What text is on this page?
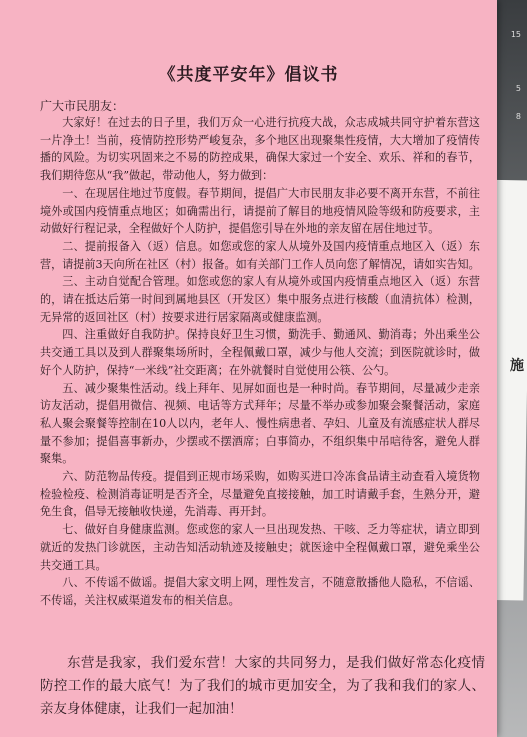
15
5
8
施
《共度平安年》倡议书
广大市民朋友：

大家好！在过去的日子里，我们万众一心进行抗疫大战，众志成城共同守护着东营这一片净土！当前，疫情防控形势严峻复杂，多个地区出现聚集性疫情，大大增加了疫情传播的风险。为切实巩固来之不易的防控成果，确保大家过一个安全、欢乐、祥和的春节，我们期待您从“我”做起，带动他人，努力做到：

一、在现居住地过节度假。春节期间，提倡广大市民朋友非必要不离开东营，不前往境外或国内疫情重点地区；如确需出行，请提前了解目的地疫情风险等级和防疫要求，主动做好行程记录，全程做好个人防护，提倡您引导在外地的亲友留在居住地过节。

二、提前报备入（返）信息。如您或您的家人从境外及国内疫情重点地区入（返）东营，请提前3天向所在社区（村）报备。如有关部门工作人员向您了解情况，请如实告知。

三、主动自觉配合管理。如您或您的家人有从境外或国内疫情重点地区入（返）东营的，请在抵达后第一时间到属地县区（开发区）集中服务点进行核酸（血清抗体）检测，无异常的返回社区（村）按要求进行居家隔离或健康监测。

四、注重做好自我防护。保持良好卫生习惯，勤洗手、勤通风、勤消毒；外出乘坐公共交通工具以及到人群聚集场所时，全程佩戴口罩，减少与他人交流；到医院就诊时，做好个人防护，保持“一米线”社交距离；在外就餐时自觉使用公筷、公勺。

五、减少聚集性活动。线上拜年、见屏如面也是一种时尚。春节期间，尽量减少走亲访友活动，提倡用微信、视频、电话等方式拜年；尽量不举办或参加聚会聚餐活动，家庭私人聚会聚餐等控制在10人以内，老年人、慢性病患者、孕妇、儿童及有流感症状人群尽量不参加；提倡喜事新办，少摆或不摆酒席；白事简办，不组织集中吊唁待客，避免人群聚集。

六、防范物品传疫。提倡到正规市场采购，如购买进口冷冻食品请主动查看入境货物检验检疫、检测消毒证明是否齐全，尽量避免直接接触，加工时请戴手套，生熟分开，避免生食，倡导无接触收快递，先消毒、再开封。

七、做好自身健康监测。您或您的家人一旦出现发热、干咳、乏力等症状，请立即到就近的发热门诊就医，主动告知活动轨迹及接触史；就医途中全程佩戴口罩，避免乘坐公共交通工具。

八、不传谣不做谣。提倡大家文明上网，理性发言，不随意散播他人隐私，不信谣、不传谣，关注权威渠道发布的相关信息。

东营是我家，我们爱东营！大家的共同努力，是我们做好常态化疫情防控工作的最大底气！为了我们的城市更加安全，为了我和我们的家人、亲友身体健康，让我们一起加油！
